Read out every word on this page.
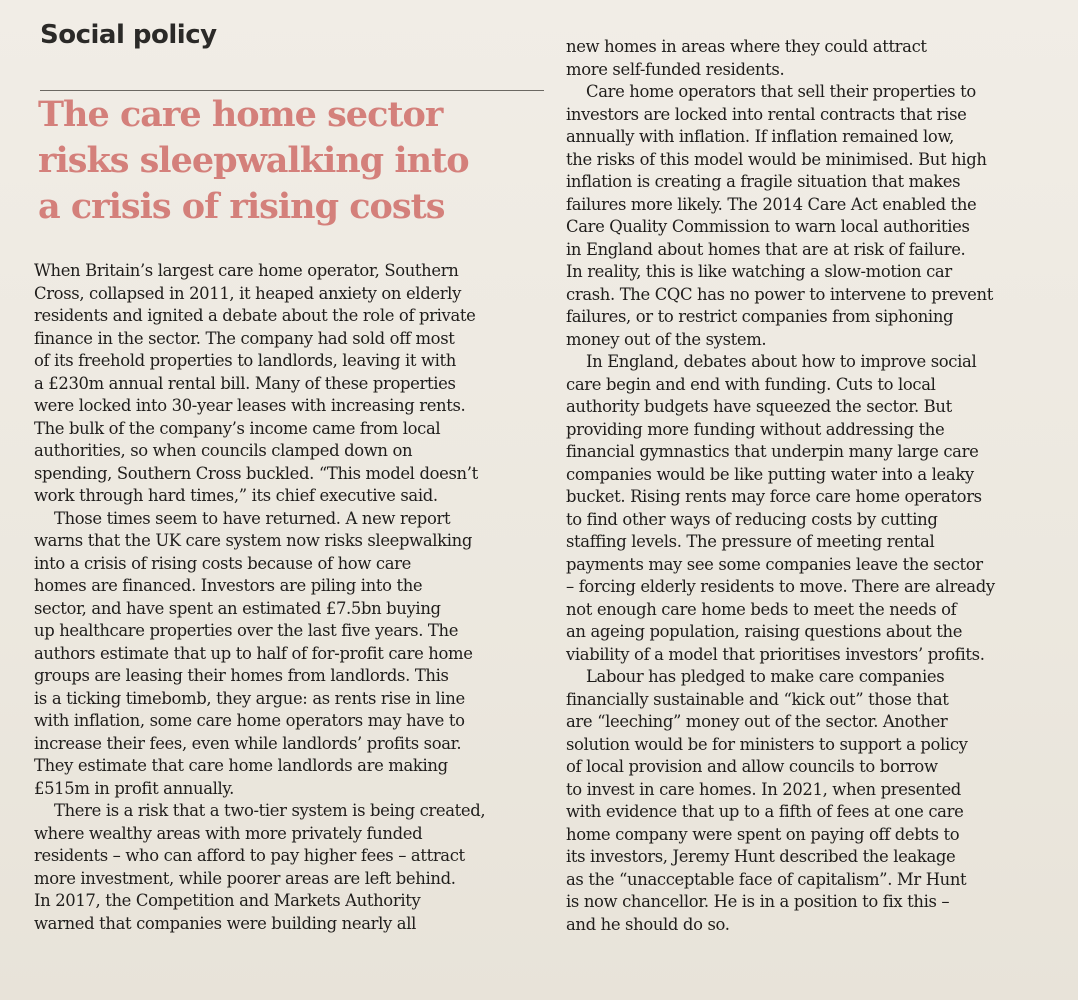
Social policy
The care home sector
risks sleepwalking into
a crisis of rising costs

When Britain’s largest care home operator, Southern
Cross, collapsed in 2011, it heaped anxiety on elderly
residents and ignited a debate about the role of private
finance in the sector. The company had sold off most
of its freehold properties to landlords, leaving it with
a £230m annual rental bill. Many of these properties
were locked into 30-year leases with increasing rents.
The bulk of the company’s income came from local
authorities, so when councils clamped down on
spending, Southern Cross buckled. “This model doesn’t
work through hard times,” its chief executive said.

Those times seem to have returned. A new report
warns that the UK care system now risks sleepwalking
into a crisis of rising costs because of how care
homes are financed. Investors are piling into the
sector, and have spent an estimated £7.5bn buying
up healthcare properties over the last five years. The
authors estimate that up to half of for-profit care home
groups are leasing their homes from landlords. This
is a ticking timebomb, they argue: as rents rise in line
with inflation, some care home operators may have to
increase their fees, even while landlords’ profits soar.
They estimate that care home landlords are making
£515m in profit annually.

There is a risk that a two-tier system is being created,
where wealthy areas with more privately funded
residents – who can afford to pay higher fees – attract
more investment, while poorer areas are left behind.
In 2017, the Competition and Markets Authority
warned that companies were building nearly all

new homes in areas where they could attract
more self-funded residents.

Care home operators that sell their properties to
investors are locked into rental contracts that rise
annually with inflation. If inflation remained low,
the risks of this model would be minimised. But high
inflation is creating a fragile situation that makes
failures more likely. The 2014 Care Act enabled the
Care Quality Commission to warn local authorities
in England about homes that are at risk of failure.
In reality, this is like watching a slow-motion car
crash. The CQC has no power to intervene to prevent
failures, or to restrict companies from siphoning
money out of the system.

In England, debates about how to improve social
care begin and end with funding. Cuts to local
authority budgets have squeezed the sector. But
providing more funding without addressing the
financial gymnastics that underpin many large care
companies would be like putting water into a leaky
bucket. Rising rents may force care home operators
to find other ways of reducing costs by cutting
staffing levels. The pressure of meeting rental
payments may see some companies leave the sector
– forcing elderly residents to move. There are already
not enough care home beds to meet the needs of
an ageing population, raising questions about the
viability of a model that prioritises investors’ profits.

Labour has pledged to make care companies
financially sustainable and “kick out” those that
are “leeching” money out of the sector. Another
solution would be for ministers to support a policy
of local provision and allow councils to borrow
to invest in care homes. In 2021, when presented
with evidence that up to a fifth of fees at one care
home company were spent on paying off debts to
its investors, Jeremy Hunt described the leakage
as the “unacceptable face of capitalism”. Mr Hunt
is now chancellor. He is in a position to fix this –
and he should do so.
